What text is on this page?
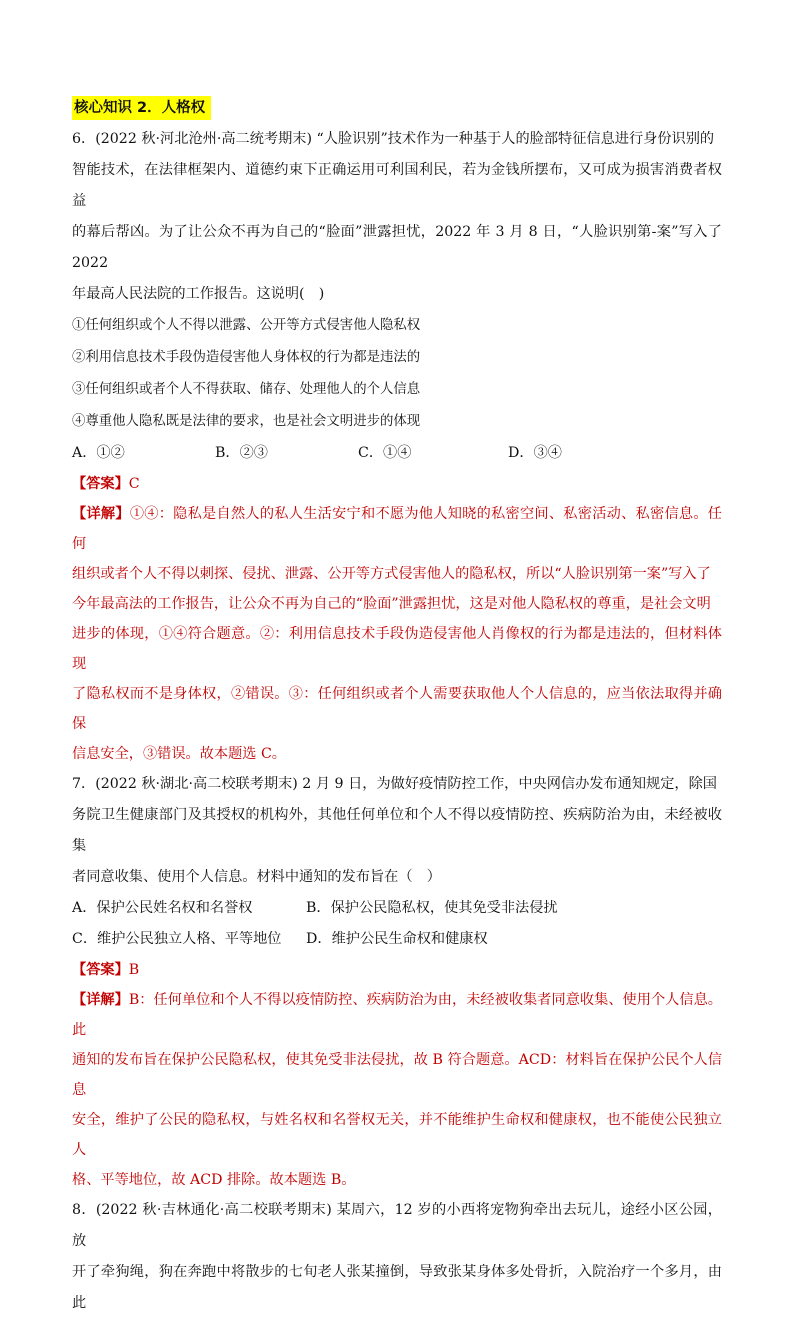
核心知识 2．人格权

6．(2022 秋·河北沧州·高二统考期末) “人脸识别”技术作为一种基于人的脸部特征信息进行身份识别的

智能技术，在法律框架内、道德约束下正确运用可利国利民，若为金钱所摆布，又可成为损害消费者权益

的幕后帮凶。为了让公众不再为自己的“脸面”泄露担忧，2022 年 3 月 8 日，“人脸识别第-案”写入了 2022

年最高人民法院的工作报告。这说明(　)

①任何组织或个人不得以泄露、公开等方式侵害他人隐私权

②利用信息技术手段伪造侵害他人身体权的行为都是违法的

③任何组织或者个人不得获取、储存、处理他人的个人信息

④尊重他人隐私既是法律的要求，也是社会文明进步的体现

A．①②	B．②③	C．①④	D．③④

【答案】C

【详解】①④：隐私是自然人的私人生活安宁和不愿为他人知晓的私密空间、私密活动、私密信息。任何

组织或者个人不得以刺探、侵扰、泄露、公开等方式侵害他人的隐私权，所以“人脸识别第一案”写入了

今年最高法的工作报告，让公众不再为自己的“脸面”泄露担忧，这是对他人隐私权的尊重，是社会文明

进步的体现，①④符合题意。②：利用信息技术手段伪造侵害他人肖像权的行为都是违法的，但材料体现

了隐私权而不是身体权，②错误。③：任何组织或者个人需要获取他人个人信息的，应当依法取得并确保

信息安全，③错误。故本题选 C。

7．(2022 秋·湖北·高二校联考期末) 2 月 9 日，为做好疫情防控工作，中央网信办发布通知规定，除国

务院卫生健康部门及其授权的机构外，其他任何单位和个人不得以疫情防控、疾病防治为由，未经被收集

者同意收集、使用个人信息。材料中通知的发布旨在（　）

A．保护公民姓名权和名誉权	B．保护公民隐私权，使其免受非法侵扰
C．维护公民独立人格、平等地位	D．维护公民生命权和健康权

【答案】B

【详解】B：任何单位和个人不得以疫情防控、疾病防治为由，未经被收集者同意收集、使用个人信息。此

通知的发布旨在保护公民隐私权，使其免受非法侵扰，故 B 符合题意。ACD：材料旨在保护公民个人信息

安全，维护了公民的隐私权，与姓名权和名誉权无关，并不能维护生命权和健康权，也不能使公民独立人

格、平等地位，故 ACD 排除。故本题选 B。

8．(2022 秋·吉林通化·高二校联考期末) 某周六，12 岁的小西将宠物狗牵出去玩儿，途经小区公园，放

开了牵狗绳，狗在奔跑中将散步的七旬老人张某撞倒，导致张某身体多处骨折，入院治疗一个多月，由此
